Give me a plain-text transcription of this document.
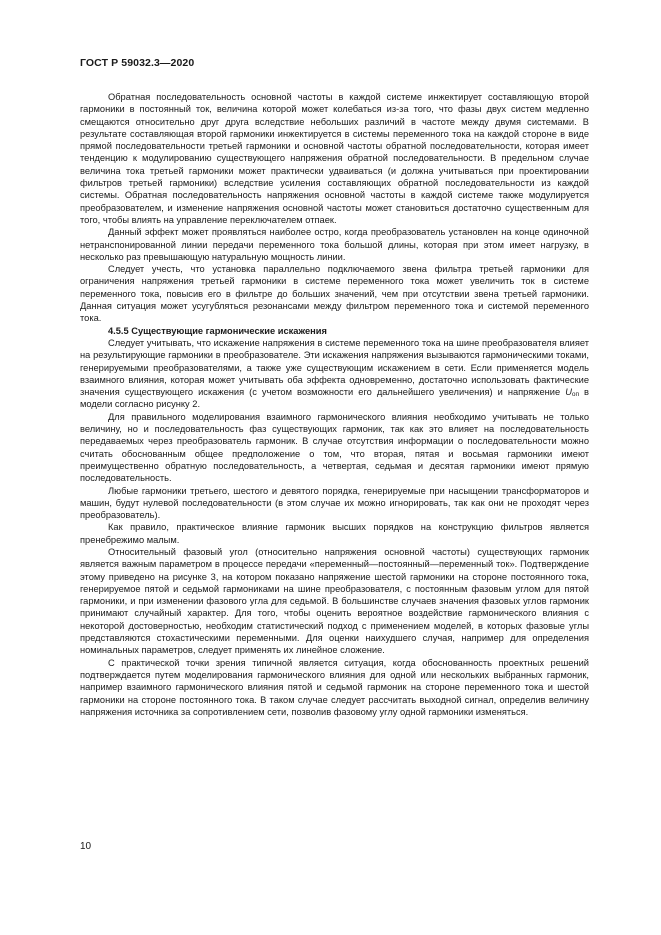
ГОСТ Р 59032.3—2020

Обратная последовательность основной частоты в каждой системе инжектирует составляющую второй гармоники в постоянный ток, величина которой может колебаться из-за того, что фазы двух систем медленно смещаются относительно друг друга вследствие небольших различий в частоте между двумя системами. В результате составляющая второй гармоники инжектируется в системы переменного тока на каждой стороне в виде прямой последовательности третьей гармоники и основной частоты обратной последовательности, которая имеет тенденцию к модулированию существующего напряжения обратной последовательности. В предельном случае величина тока третьей гармоники может практически удваиваться (и должна учитываться при проектировании фильтров третьей гармоники) вследствие усиления составляющих обратной последовательности из каждой системы. Обратная последовательность напряжения основной частоты в каждой системе также модулируется преобразователем, и изменение напряжения основной частоты может становиться достаточно существенным для того, чтобы влиять на управление переключателем отпаек.

Данный эффект может проявляться наиболее остро, когда преобразователь установлен на конце одиночной нетранспонированной линии передачи переменного тока большой длины, которая при этом имеет нагрузку, в несколько раз превышающую натуральную мощность линии.

Следует учесть, что установка параллельно подключаемого звена фильтра третьей гармоники для ограничения напряжения третьей гармоники в системе переменного тока может увеличить ток в системе переменного тока, повысив его в фильтре до больших значений, чем при отсутствии звена третьей гармоники. Данная ситуация может усугубляться резонансами между фильтром переменного тока и системой переменного тока.

4.5.5 Существующие гармонические искажения

Следует учитывать, что искажение напряжения в системе переменного тока на шине преобразователя влияет на результирующие гармоники в преобразователе. Эти искажения напряжения вызываются гармоническими токами, генерируемыми преобразователями, а также уже существующим искажением в сети. Если применяется модель взаимного влияния, которая может учитывать оба эффекта одновременно, достаточно использовать фактические значения существующего искажения (с учетом возможности его дальнейшего увеличения) и напряжение $U_{оп}$ в модели согласно рисунку 2.

Для правильного моделирования взаимного гармонического влияния необходимо учитывать не только величину, но и последовательность фаз существующих гармоник, так как это влияет на последовательность передаваемых через преобразователь гармоник. В случае отсутствия информации о последовательности можно считать обоснованным общее предположение о том, что вторая, пятая и восьмая гармоники имеют преимущественно обратную последовательность, а четвертая, седьмая и десятая гармоники имеют прямую последовательность.

Любые гармоники третьего, шестого и девятого порядка, генерируемые при насыщении трансформаторов и машин, будут нулевой последовательности (в этом случае их можно игнорировать, так как они не проходят через преобразователь).

Как правило, практическое влияние гармоник высших порядков на конструкцию фильтров является пренебрежимо малым.

Относительный фазовый угол (относительно напряжения основной частоты) существующих гармоник является важным параметром в процессе передачи «переменный—постоянный—переменный ток». Подтверждение этому приведено на рисунке 3, на котором показано напряжение шестой гармоники на стороне постоянного тока, генерируемое пятой и седьмой гармониками на шине преобразователя, с постоянным фазовым углом для пятой гармоники, и при изменении фазового угла для седьмой. В большинстве случаев значения фазовых углов гармоник принимают случайный характер. Для того, чтобы оценить вероятное воздействие гармонического влияния с некоторой достоверностью, необходим статистический подход с применением моделей, в которых фазовые углы представляются стохастическими переменными. Для оценки наихудшего случая, например для определения номинальных параметров, следует применять их линейное сложение.

С практической точки зрения типичной является ситуация, когда обоснованность проектных решений подтверждается путем моделирования гармонического влияния для одной или нескольких выбранных гармоник, например взаимного гармонического влияния пятой и седьмой гармоник на стороне переменного тока и шестой гармоники на стороне постоянного тока. В таком случае следует рассчитать выходной сигнал, определив величину напряжения источника за сопротивлением сети, позволив фазовому углу одной гармоники изменяться.

10
